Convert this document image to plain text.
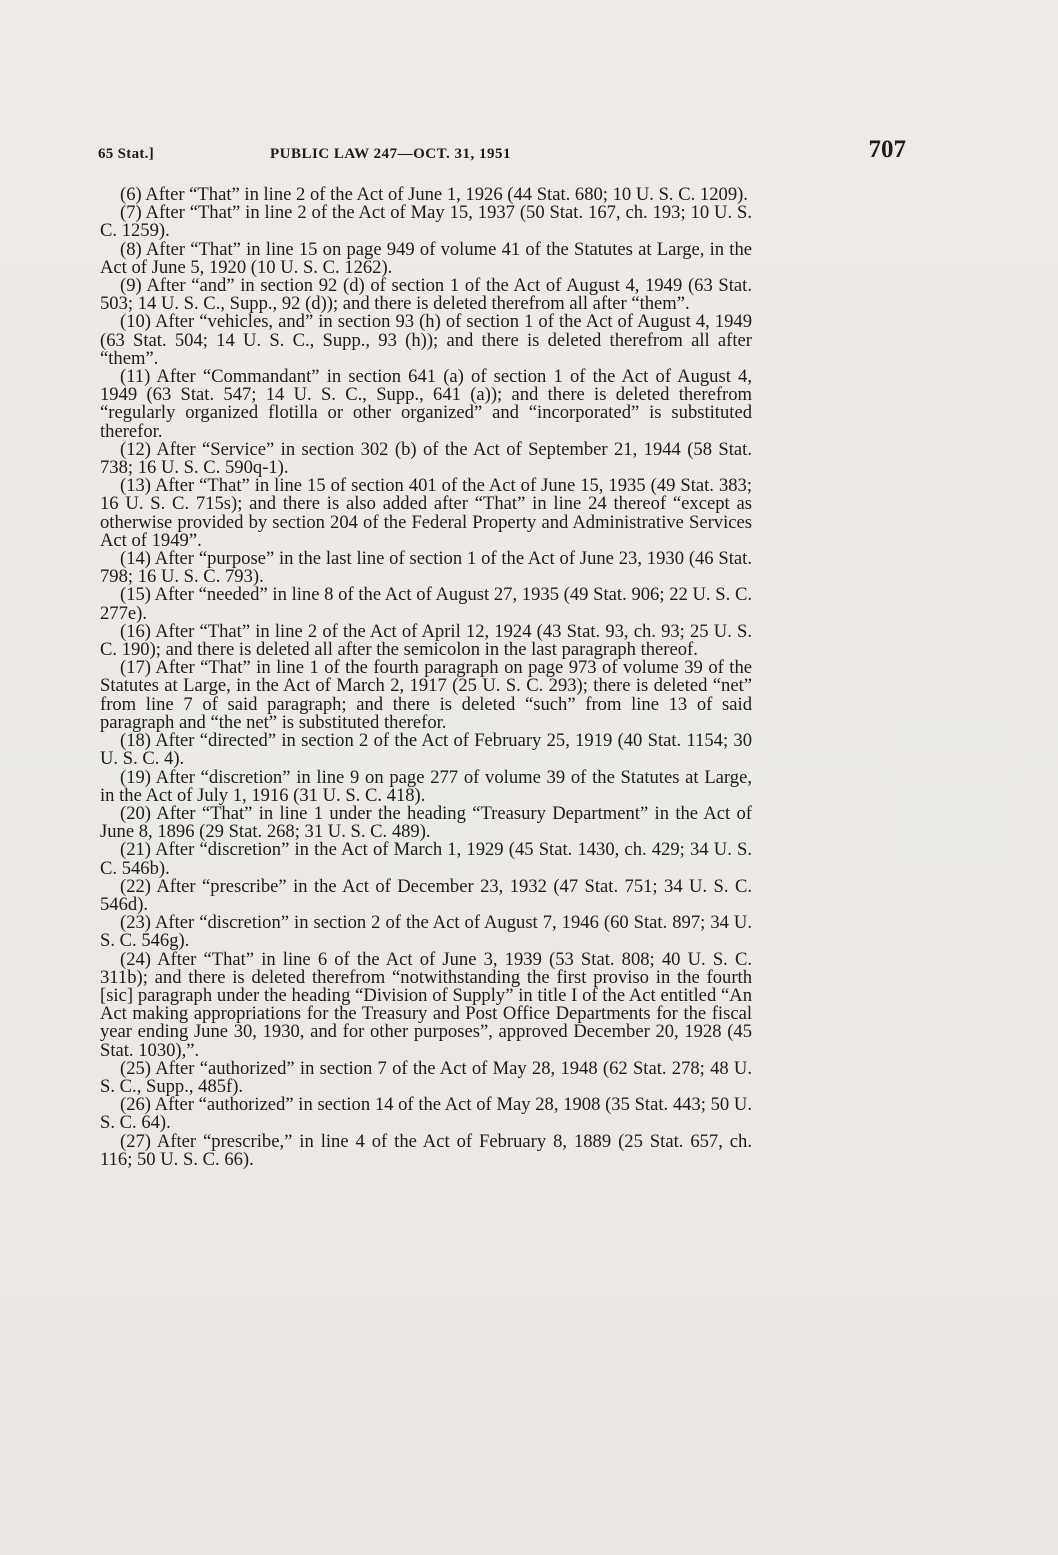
65 Stat.]	PUBLIC LAW 247—OCT. 31, 1951	707

(6) After “That” in line 2 of the Act of June 1, 1926 (44 Stat. 680; 10 U. S. C. 1209).

(7) After “That” in line 2 of the Act of May 15, 1937 (50 Stat. 167, ch. 193; 10 U. S. C. 1259).

(8) After “That” in line 15 on page 949 of volume 41 of the Statutes at Large, in the Act of June 5, 1920 (10 U. S. C. 1262).

(9) After “and” in section 92 (d) of section 1 of the Act of August 4, 1949 (63 Stat. 503; 14 U. S. C., Supp., 92 (d)); and there is deleted therefrom all after “them”.

(10) After “vehicles, and” in section 93 (h) of section 1 of the Act of August 4, 1949 (63 Stat. 504; 14 U. S. C., Supp., 93 (h)); and there is deleted therefrom all after “them”.

(11) After “Commandant” in section 641 (a) of section 1 of the Act of August 4, 1949 (63 Stat. 547; 14 U. S. C., Supp., 641 (a)); and there is deleted therefrom “regularly organized flotilla or other organized” and “incorporated” is substituted therefor.

(12) After “Service” in section 302 (b) of the Act of September 21, 1944 (58 Stat. 738; 16 U. S. C. 590q-1).

(13) After “That” in line 15 of section 401 of the Act of June 15, 1935 (49 Stat. 383; 16 U. S. C. 715s); and there is also added after “That” in line 24 thereof “except as otherwise provided by section 204 of the Federal Property and Administrative Services Act of 1949”.

(14) After “purpose” in the last line of section 1 of the Act of June 23, 1930 (46 Stat. 798; 16 U. S. C. 793).

(15) After “needed” in line 8 of the Act of August 27, 1935 (49 Stat. 906; 22 U. S. C. 277e).

(16) After “That” in line 2 of the Act of April 12, 1924 (43 Stat. 93, ch. 93; 25 U. S. C. 190); and there is deleted all after the semicolon in the last paragraph thereof.

(17) After “That” in line 1 of the fourth paragraph on page 973 of volume 39 of the Statutes at Large, in the Act of March 2, 1917 (25 U. S. C. 293); there is deleted “net” from line 7 of said paragraph; and there is deleted “such” from line 13 of said paragraph and “the net” is substituted therefor.

(18) After “directed” in section 2 of the Act of February 25, 1919 (40 Stat. 1154; 30 U. S. C. 4).

(19) After “discretion” in line 9 on page 277 of volume 39 of the Statutes at Large, in the Act of July 1, 1916 (31 U. S. C. 418).

(20) After “That” in line 1 under the heading “Treasury Department” in the Act of June 8, 1896 (29 Stat. 268; 31 U. S. C. 489).

(21) After “discretion” in the Act of March 1, 1929 (45 Stat. 1430, ch. 429; 34 U. S. C. 546b).

(22) After “prescribe” in the Act of December 23, 1932 (47 Stat. 751; 34 U. S. C. 546d).

(23) After “discretion” in section 2 of the Act of August 7, 1946 (60 Stat. 897; 34 U. S. C. 546g).

(24) After “That” in line 6 of the Act of June 3, 1939 (53 Stat. 808; 40 U. S. C. 311b); and there is deleted therefrom “notwithstanding the first proviso in the fourth [sic] paragraph under the heading “Division of Supply” in title I of the Act entitled “An Act making appropriations for the Treasury and Post Office Departments for the fiscal year ending June 30, 1930, and for other purposes”, approved December 20, 1928 (45 Stat. 1030),”.

(25) After “authorized” in section 7 of the Act of May 28, 1948 (62 Stat. 278; 48 U. S. C., Supp., 485f).

(26) After “authorized” in section 14 of the Act of May 28, 1908 (35 Stat. 443; 50 U. S. C. 64).

(27) After “prescribe,” in line 4 of the Act of February 8, 1889 (25 Stat. 657, ch. 116; 50 U. S. C. 66).
